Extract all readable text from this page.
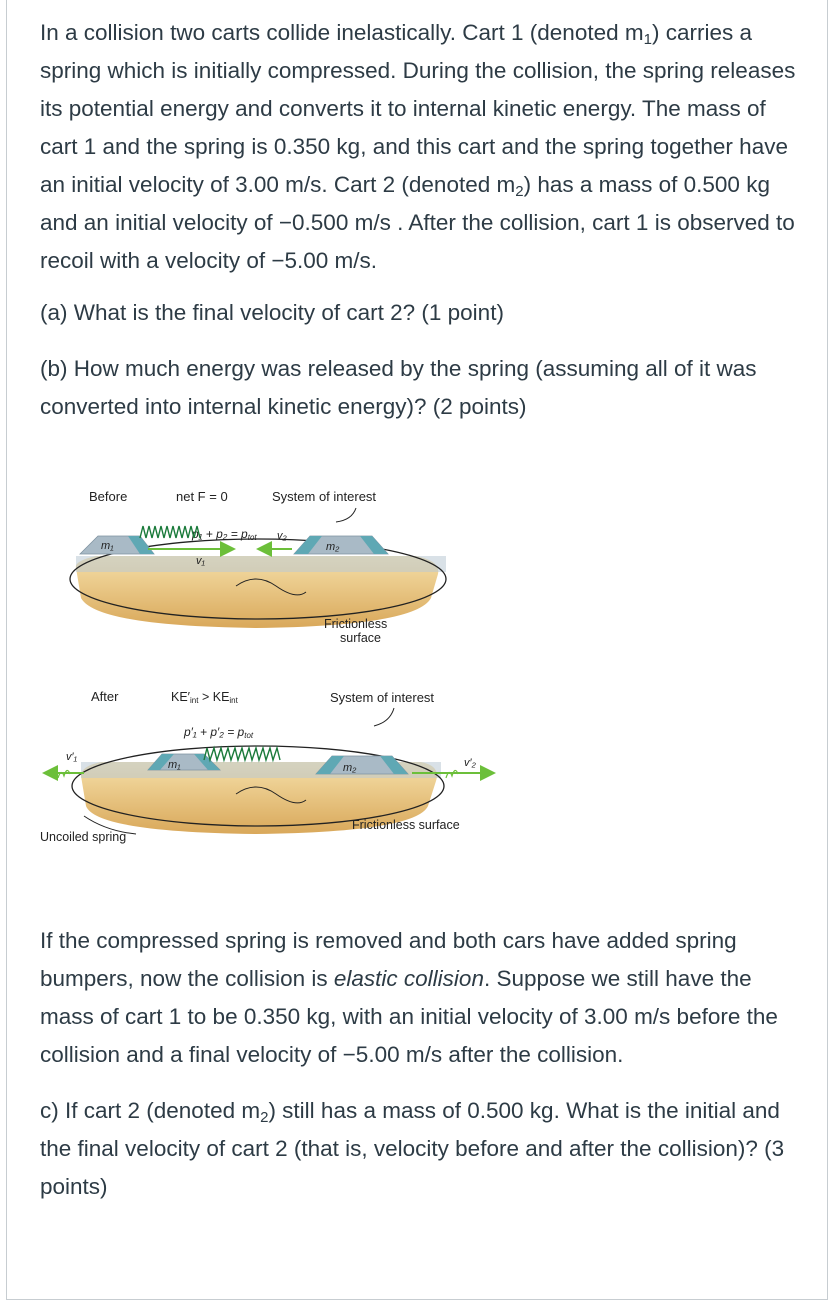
In a collision two carts collide inelastically. Cart 1 (denoted $m_1$) carries a spring which is initially compressed. During the collision, the spring releases its potential energy and converts it to internal kinetic energy. The mass of cart 1 and the spring is 0.350 kg, and this cart and the spring together have an initial velocity of 3.00 m/s. Cart 2 (denoted $m_2$) has a mass of 0.500 kg and an initial velocity of −0.500 m/s . After the collision, cart 1 is observed to recoil with a velocity of −5.00 m/s.

(a) What is the final velocity of cart 2? (1 point)

(b) How much energy was released by the spring (assuming all of it was converted into internal kinetic energy)? (2 points)

Before	net F = 0	System of interest
p₁ + p₂ = ptot
m₁
v₁
v₂
m₂
Frictionless
surface
After	KE′int > KEint	System of interest
p′₁ + p′₂ = ptot
v′₁
m₁	m₂	v′₂
Frictionless surface
Uncoiled spring

If the compressed spring is removed and both cars have added spring bumpers, now the collision is elastic collision. Suppose we still have the mass of cart 1 to be 0.350 kg, with an initial velocity of 3.00 m/s before the collision and a final velocity of −5.00 m/s after the collision.

c) If cart 2 (denoted $m_2$) still has a mass of 0.500 kg. What is the initial and the final velocity of cart 2 (that is, velocity before and after the collision)? (3 points)
